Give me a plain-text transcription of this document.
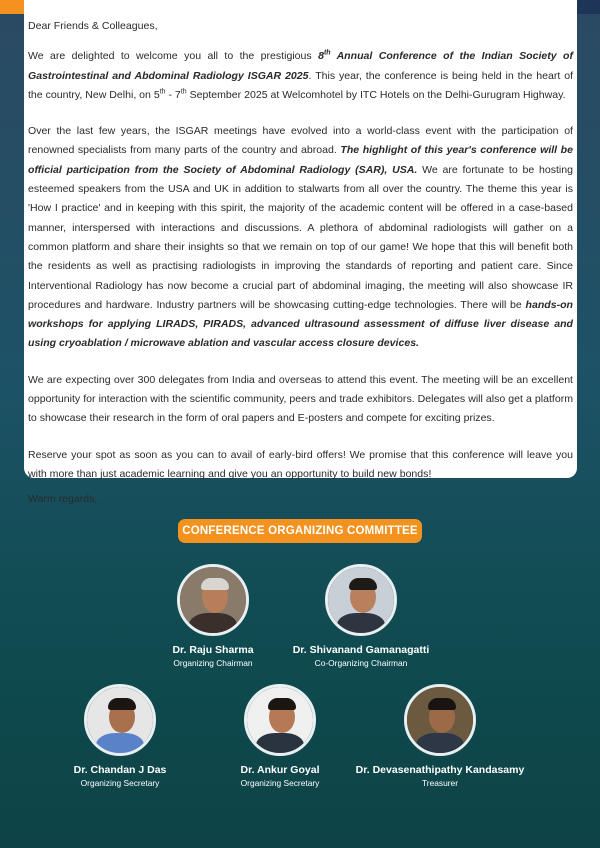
Dear Friends & Colleagues,

We are delighted to welcome you all to the prestigious 8th Annual Conference of the Indian Society of Gastrointestinal and Abdominal Radiology ISGAR 2025. This year, the conference is being held in the heart of the country, New Delhi, on 5th - 7th September 2025 at Welcomhotel by ITC Hotels on the Delhi-Gurugram Highway.

Over the last few years, the ISGAR meetings have evolved into a world-class event with the participation of renowned specialists from many parts of the country and abroad. The highlight of this year's conference will be official participation from the Society of Abdominal Radiology (SAR), USA. We are fortunate to be hosting esteemed speakers from the USA and UK in addition to stalwarts from all over the country. The theme this year is 'How I practice' and in keeping with this spirit, the majority of the academic content will be offered in a case-based manner, interspersed with interactions and discussions. A plethora of abdominal radiologists will gather on a common platform and share their insights so that we remain on top of our game! We hope that this will benefit both the residents as well as practising radiologists in improving the standards of reporting and patient care. Since Interventional Radiology has now become a crucial part of abdominal imaging, the meeting will also showcase IR procedures and hardware. Industry partners will be showcasing cutting-edge technologies. There will be hands-on workshops for applying LIRADS, PIRADS, advanced ultrasound assessment of diffuse liver disease and using cryoablation / microwave ablation and vascular access closure devices.

We are expecting over 300 delegates from India and overseas to attend this event. The meeting will be an excellent opportunity for interaction with the scientific community, peers and trade exhibitors. Delegates will also get a platform to showcase their research in the form of oral papers and E-posters and compete for exciting prizes.

Reserve your spot as soon as you can to avail of early-bird offers! We promise that this conference will leave you with more than just academic learning and give you an opportunity to build new bonds!

Warm regards,

CONFERENCE ORGANIZING COMMITTEE
Dr. Raju Sharma
Organizing Chairman
Dr. Shivanand Gamanagatti
Co-Organizing Chairman
Dr. Chandan J Das
Organizing Secretary
Dr. Ankur Goyal
Organizing Secretary
Dr. Devasenathipathy Kandasamy
Treasurer
